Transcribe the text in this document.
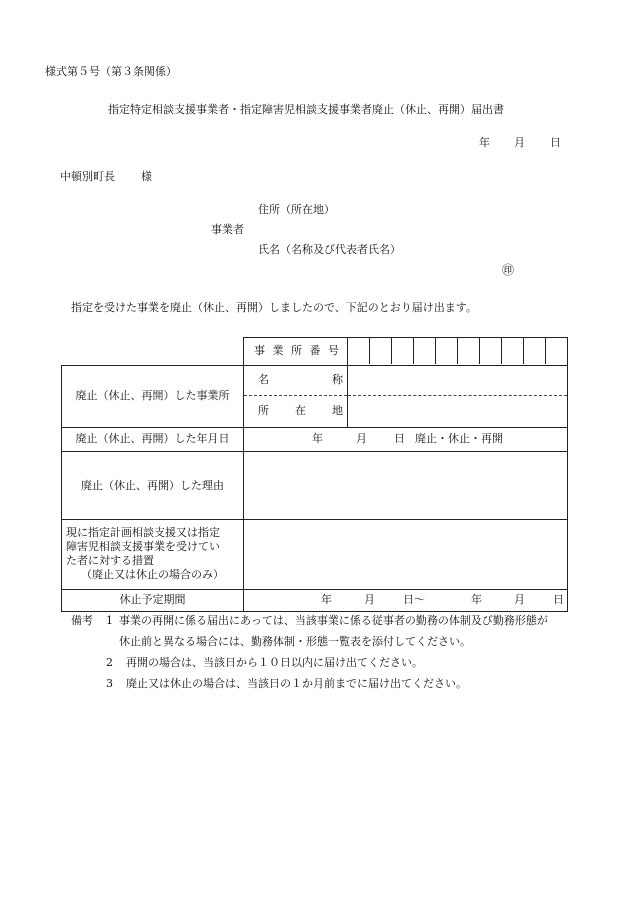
様式第５号（第３条関係）
指定特定相談支援事業者・指定障害児相談支援事業者廃止（休止、再開）届出書
年 月 日
中頓別町長 様
住所（所在地）
事業者
氏名（名称及び代表者氏名）
㊞
指定を受けた事業を廃止（休止、再開）しましたので、下記のとおり届け出ます。

	事 業 所 番 号	

廃止（休止、再開）した事業所	名 称	

	所 在 地	

廃止（休止、再開）した年月日	年 月 日 廃止・休止・再開	
廃止（休止、再開）した理由		

現に指定計画相談支援又は指定
障害児相談支援事業を受けてい
た者に対する措置
（廃止又は休止の場合のみ）		

休止予定期間	年 月 日～ 年 月 日	
備考 1 事業の再開に係る届出にあっては、当該事業に係る従事者の勤務の体制及び勤務形態が
休止前と異なる場合には、勤務体制・形態一覧表を添付してください。
2 再開の場合は、当該日から１０日以内に届け出てください。
3 廃止又は休止の場合は、当該日の１か月前までに届け出てください。
